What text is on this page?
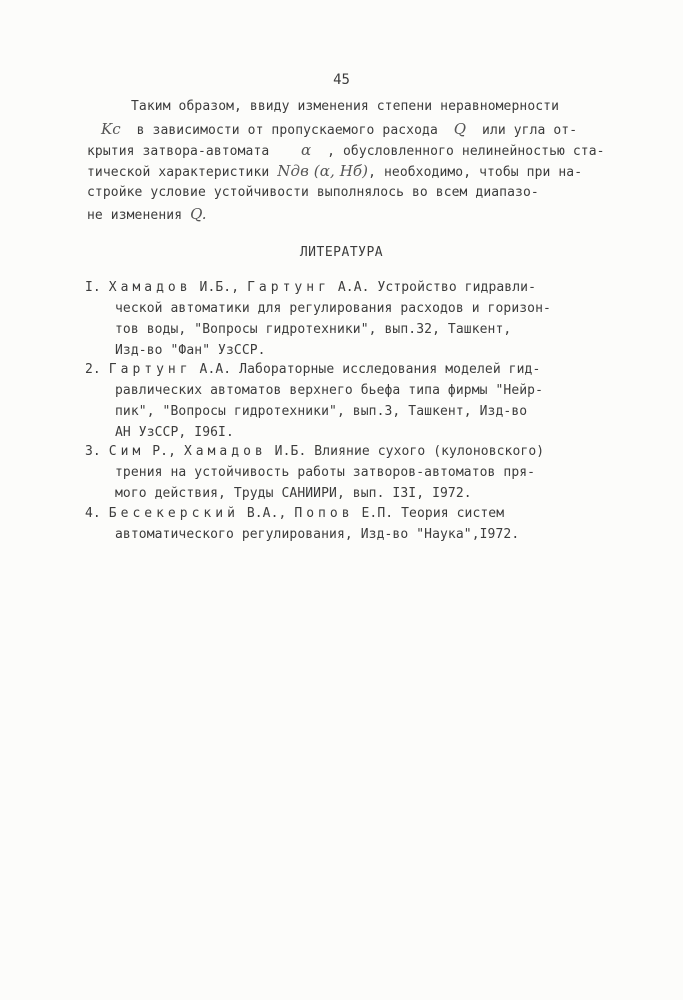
45
Таким образом, ввиду изменения степени неравномерности
Kc в зависимости от пропускаемого расхода Q или угла от-
крытия затвора-автомата α , обусловленного нелинейностью ста-
тической характеристики Nдв (α, Hб), необходимо, чтобы при на-
стройке условие устойчивости выполнялось во всем диапазо-
не изменения Q.
ЛИТЕРАТУРА
I. Хамадов И.Б., Гартунг А.А. Устройство гидравли-
ческой автоматики для регулирования расходов и горизон-
тов воды, "Вопросы гидротехники", вып.32, Ташкент,
Изд-во "Фан" УзССР.
2. Гартунг А.А. Лабораторные исследования моделей гид-
равлических автоматов верхнего бьефа типа фирмы "Нейр-
пик", "Вопросы гидротехники", вып.3, Ташкент, Изд-во
АН УзССР, I96I.
3. Сим Р., Хамадов И.Б. Влияние сухого (кулоновского)
трения на устойчивость работы затворов-автоматов пря-
мого действия, Труды САНИИРИ, вып. I3I, I972.
4. Бесекерский В.А., Попов Е.П. Теория систем
автоматического регулирования, Изд-во "Наука",I972.
